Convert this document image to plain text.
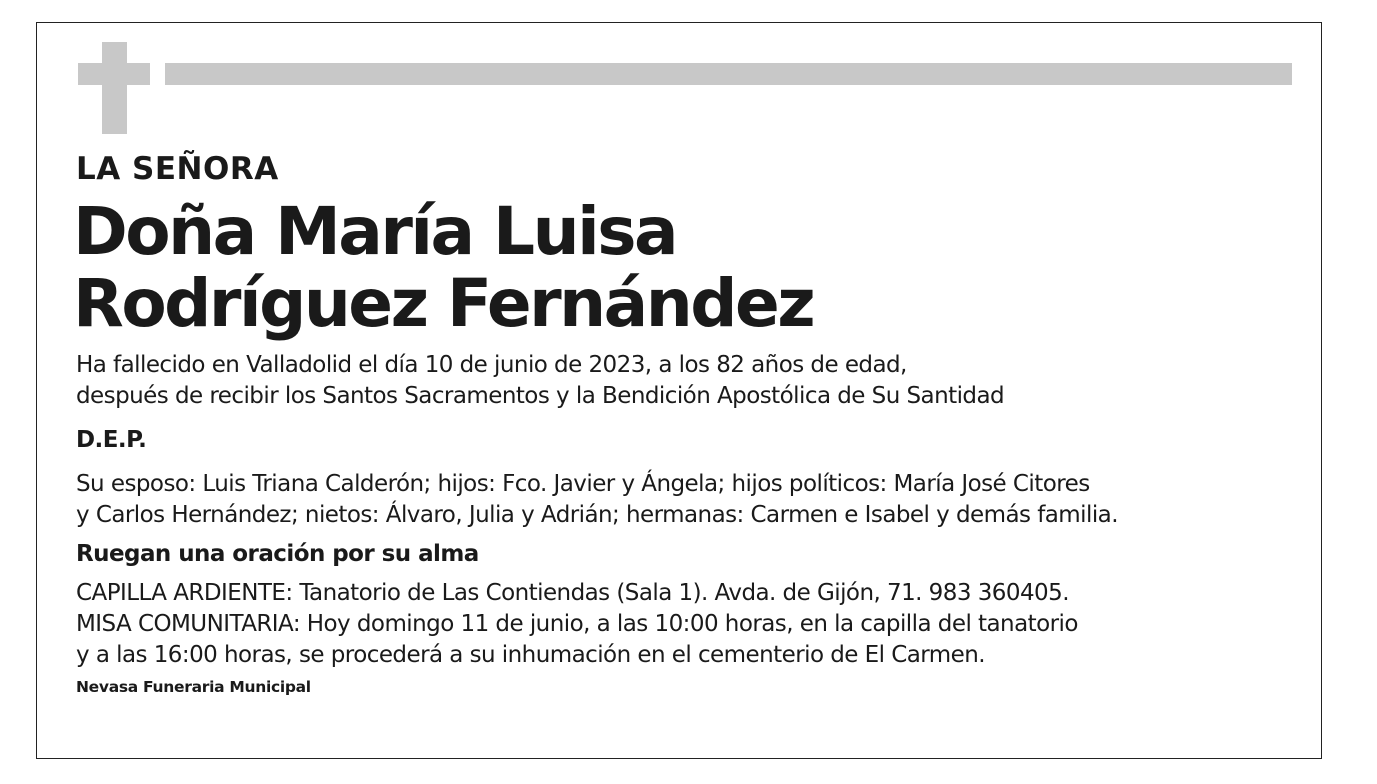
LA SEÑORA

Doña María Luisa
Rodríguez Fernández

Ha fallecido en Valladolid el día 10 de junio de 2023, a los 82 años de edad,
después de recibir los Santos Sacramentos y la Bendición Apostólica de Su Santidad

D.E.P.

Su esposo: Luis Triana Calderón; hijos: Fco. Javier y Ángela; hijos políticos: María José Citores
y Carlos Hernández; nietos: Álvaro, Julia y Adrián; hermanas: Carmen e Isabel y demás familia.

Ruegan una oración por su alma

CAPILLA ARDIENTE: Tanatorio de Las Contiendas (Sala 1). Avda. de Gijón, 71. 983 360405.
MISA COMUNITARIA: Hoy domingo 11 de junio, a las 10:00 horas, en la capilla del tanatorio
y a las 16:00 horas, se procederá a su inhumación en el cementerio de El Carmen.

Nevasa Funeraria Municipal
